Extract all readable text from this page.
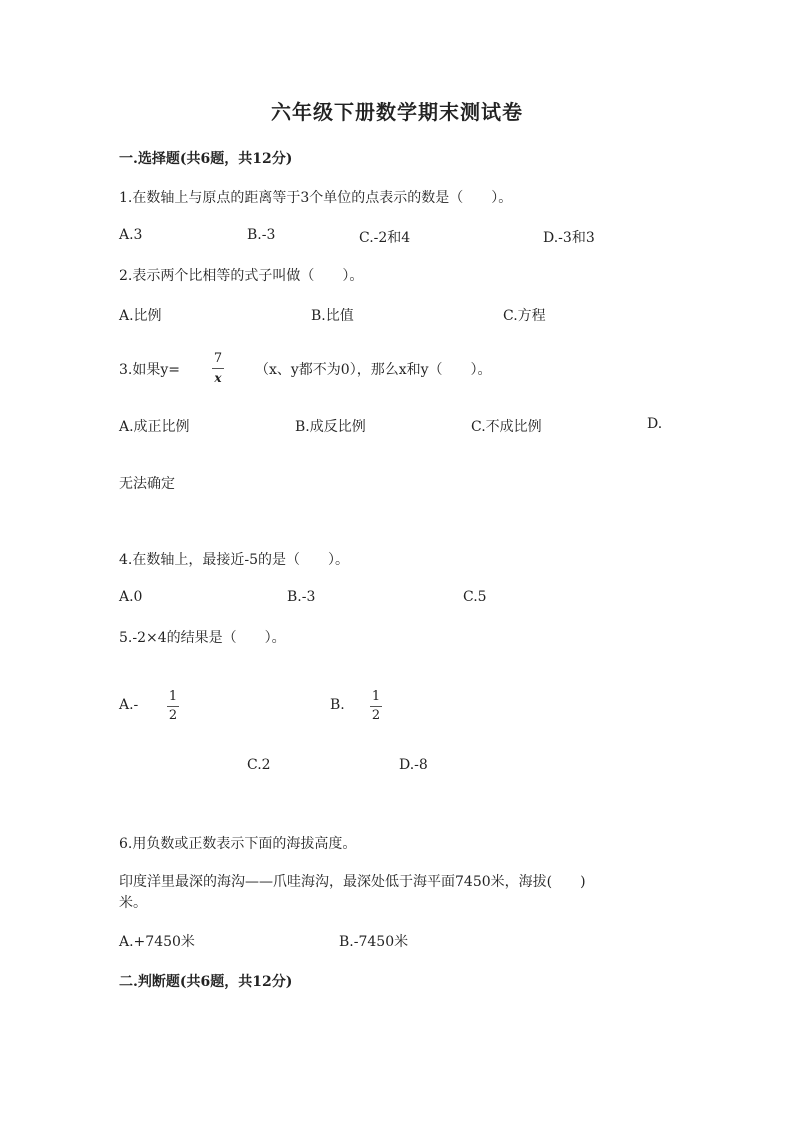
六年级下册数学期末测试卷
一.选择题(共6题，共12分)
1.在数轴上与原点的距离等于3个单位的点表示的数是（　　）。
A.3	B.-3	C.-2和4	D.-3和3
2.表示两个比相等的式子叫做（　　）。
A.比例	B.比值	C.方程
3.如果y=
7
x （x、y都不为0），那么x和y（　　）。
A.成正比例	B.成反比例	C.不成比例	D.
无法确定
4.在数轴上，最接近-5的是（　　）。
A.0	B.-3	C.5
5.-2×4的结果是（　　）。
A.-
1
2
B.
1
2
C.2	D.-8
6.用负数或正数表示下面的海拔高度。
印度洋里最深的海沟——爪哇海沟，最深处低于海平面7450米，海拔(　　)
米。
A.+7450米	B.-7450米
二.判断题(共6题，共12分)
